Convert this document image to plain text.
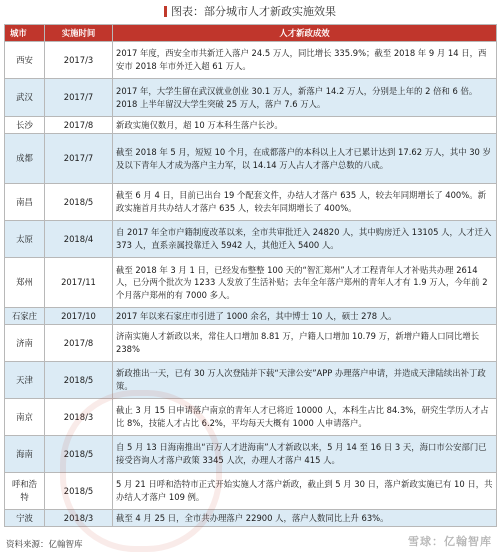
图表：部分城市人才新政实施效果
城市	实施时间	人才新政成效
西安	2017/3	2017 年度，西安全市共新迁入落户 24.5 万人，同比增长 335.9%；截至 2018 年 9 月 14 日，西安市 2018 年市外迁入超 61 万人。
武汉	2017/7	2017 年，大学生留在武汉就业创业 30.1 万人，新落户 14.2 万人，分别是上年的 2 倍和 6 倍。2018 上半年留汉大学生突破 25 万人，落户 7.6 万人。
长沙	2017/8	新政实施仅数月，超 10 万本科生落户长沙。
成都	2017/7	截至 2018 年 5 月，短短 10 个月，在成都落户的本科以上人才已累计达到 17.62 万人，其中 30 岁及以下青年人才成为落户主力军，以 14.14 万人占人才落户总数的八成。
南昌	2018/5	截至 6 月 4 日，目前已出台 19 个配套文件，办结人才落户 635 人，较去年同期增长了 400%。新政实施首月共办结人才落户 635 人，较去年同期增长了 400%。
太原	2018/4	自 2017 年全市户籍制度改革以来，全市共审批迁入 24820 人，其中购房迁入 13105 人，人才迁入 373 人，直系亲属投靠迁入 5942 人，其他迁入 5400 人。
郑州	2017/11	截至 2018 年 3 月 1 日，已经发布整整 100 天的“智汇郑州”人才工程青年人才补贴共办理 2614 人，已分两个批次为 1233 人发放了生活补贴；去年全年落户郑州的青年人才有 1.9 万人，今年前 2 个月落户郑州的有 7000 多人。
石家庄	2017/10	2017 年以来石家庄市引进了 1000 余名，其中博士 10 人，硕士 278 人。
济南	2017/8	济南实施人才新政以来，常住人口增加 8.81 万，户籍人口增加 10.79 万，新增户籍人口同比增长 238%
天津	2018/5	新政推出一天，已有 30 万人次登陆并下载“天津公安”APP 办理落户申请，并造成天津陆续出补丁政策。
南京	2018/3	截止 3 月 15 日申请落户南京的青年人才已将近 10000 人，本科生占比 84.3%，研究生学历人才占比 8%，技能人才占比 6.2%，平均每天大概有 1000 人申请落户。
海南	2018/5	自 5 月 13 日海南推出“百万人才进海南”人才新政以来，5 月 14 至 16 日 3 天，海口市公安部门已接受咨询人才落户政策 3345 人次，办理人才落户 415 人。
呼和浩特	2018/5	5 月 21 日呼和浩特市正式开始实施人才落户新政，截止到 5 月 30 日，落户新政实施已有 10 日，共办结人才落户 109 例。
宁波	2018/3	截至 4 月 25 日，全市共办理落户 22900 人，落户人数同比上升 63%。
资料来源：亿翰智库	雪球：亿翰智库
